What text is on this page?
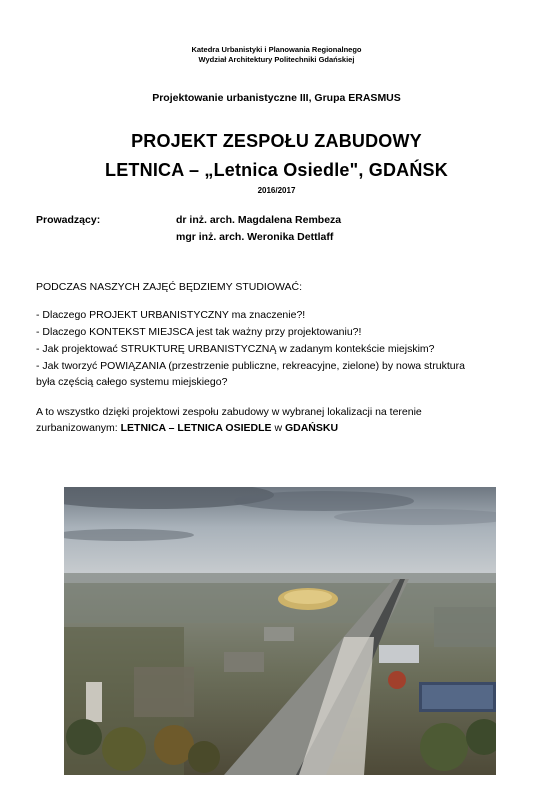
Katedra Urbanistyki i Planowania Regionalnego
Wydział Architektury Politechniki Gdańskiej
Projektowanie urbanistyczne III, Grupa ERASMUS
PROJEKT ZESPOŁU ZABUDOWY
LETNICA – „Letnica Osiedle", GDAŃSK
2016/2017
Prowadzący:	dr inż. arch. Magdalena Rembeza
mgr inż. arch. Weronika Dettlaff
PODCZAS NASZYCH ZAJĘĆ BĘDZIEMY STUDIOWAĆ:
- Dlaczego PROJEKT URBANISTYCZNY ma znaczenie?!
- Dlaczego KONTEKST MIEJSCA jest tak ważny przy projektowaniu?!
- Jak projektować STRUKTURĘ URBANISTYCZNĄ w zadanym kontekście miejskim?
- Jak tworzyć POWIĄZANIA (przestrzenie publiczne, rekreacyjne, zielone) by nowa struktura
była częścią całego systemu miejskiego?
A to wszystko dzięki projektowi zespołu zabudowy w wybranej lokalizacji na terenie
zurbanizowanym: LETNICA – LETNICA OSIEDLE w GDAŃSKU
